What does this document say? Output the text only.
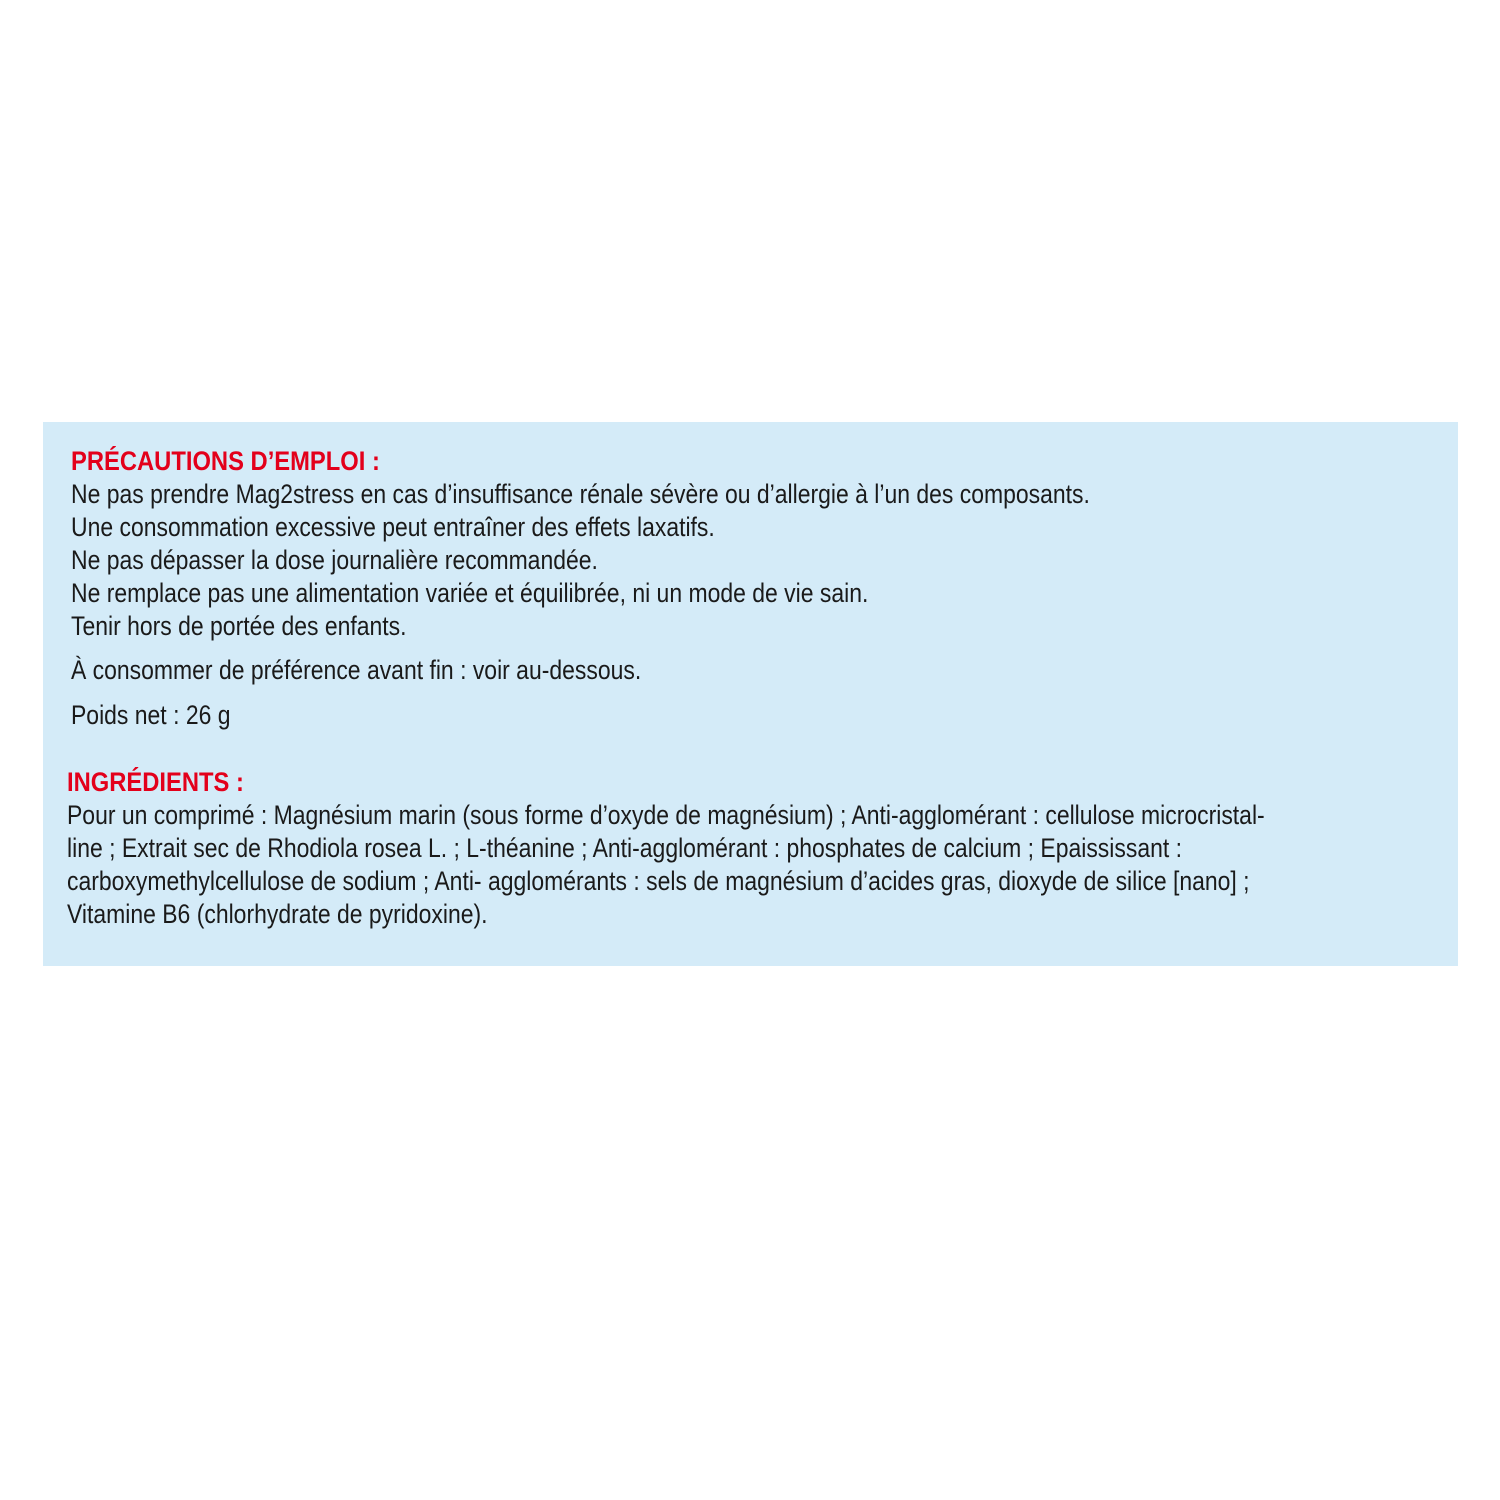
PRÉCAUTIONS D’EMPLOI :
Ne pas prendre Mag2stress en cas d’insuffisance rénale sévère ou d’allergie à l’un des composants.
Une consommation excessive peut entraîner des effets laxatifs.
Ne pas dépasser la dose journalière recommandée.
Ne remplace pas une alimentation variée et équilibrée, ni un mode de vie sain.
Tenir hors de portée des enfants.
À consommer de préférence avant fin : voir au-dessous.
Poids net : 26 g
INGRÉDIENTS :
Pour un comprimé : Magnésium marin (sous forme d’oxyde de magnésium) ; Anti-agglomérant : cellulose microcristal-
line ; Extrait sec de Rhodiola rosea L. ; L-théanine ; Anti-agglomérant : phosphates de calcium ; Epaississant :
carboxymethylcellulose de sodium ; Anti- agglomérants : sels de magnésium d’acides gras, dioxyde de silice [nano] ;
Vitamine B6 (chlorhydrate de pyridoxine).
